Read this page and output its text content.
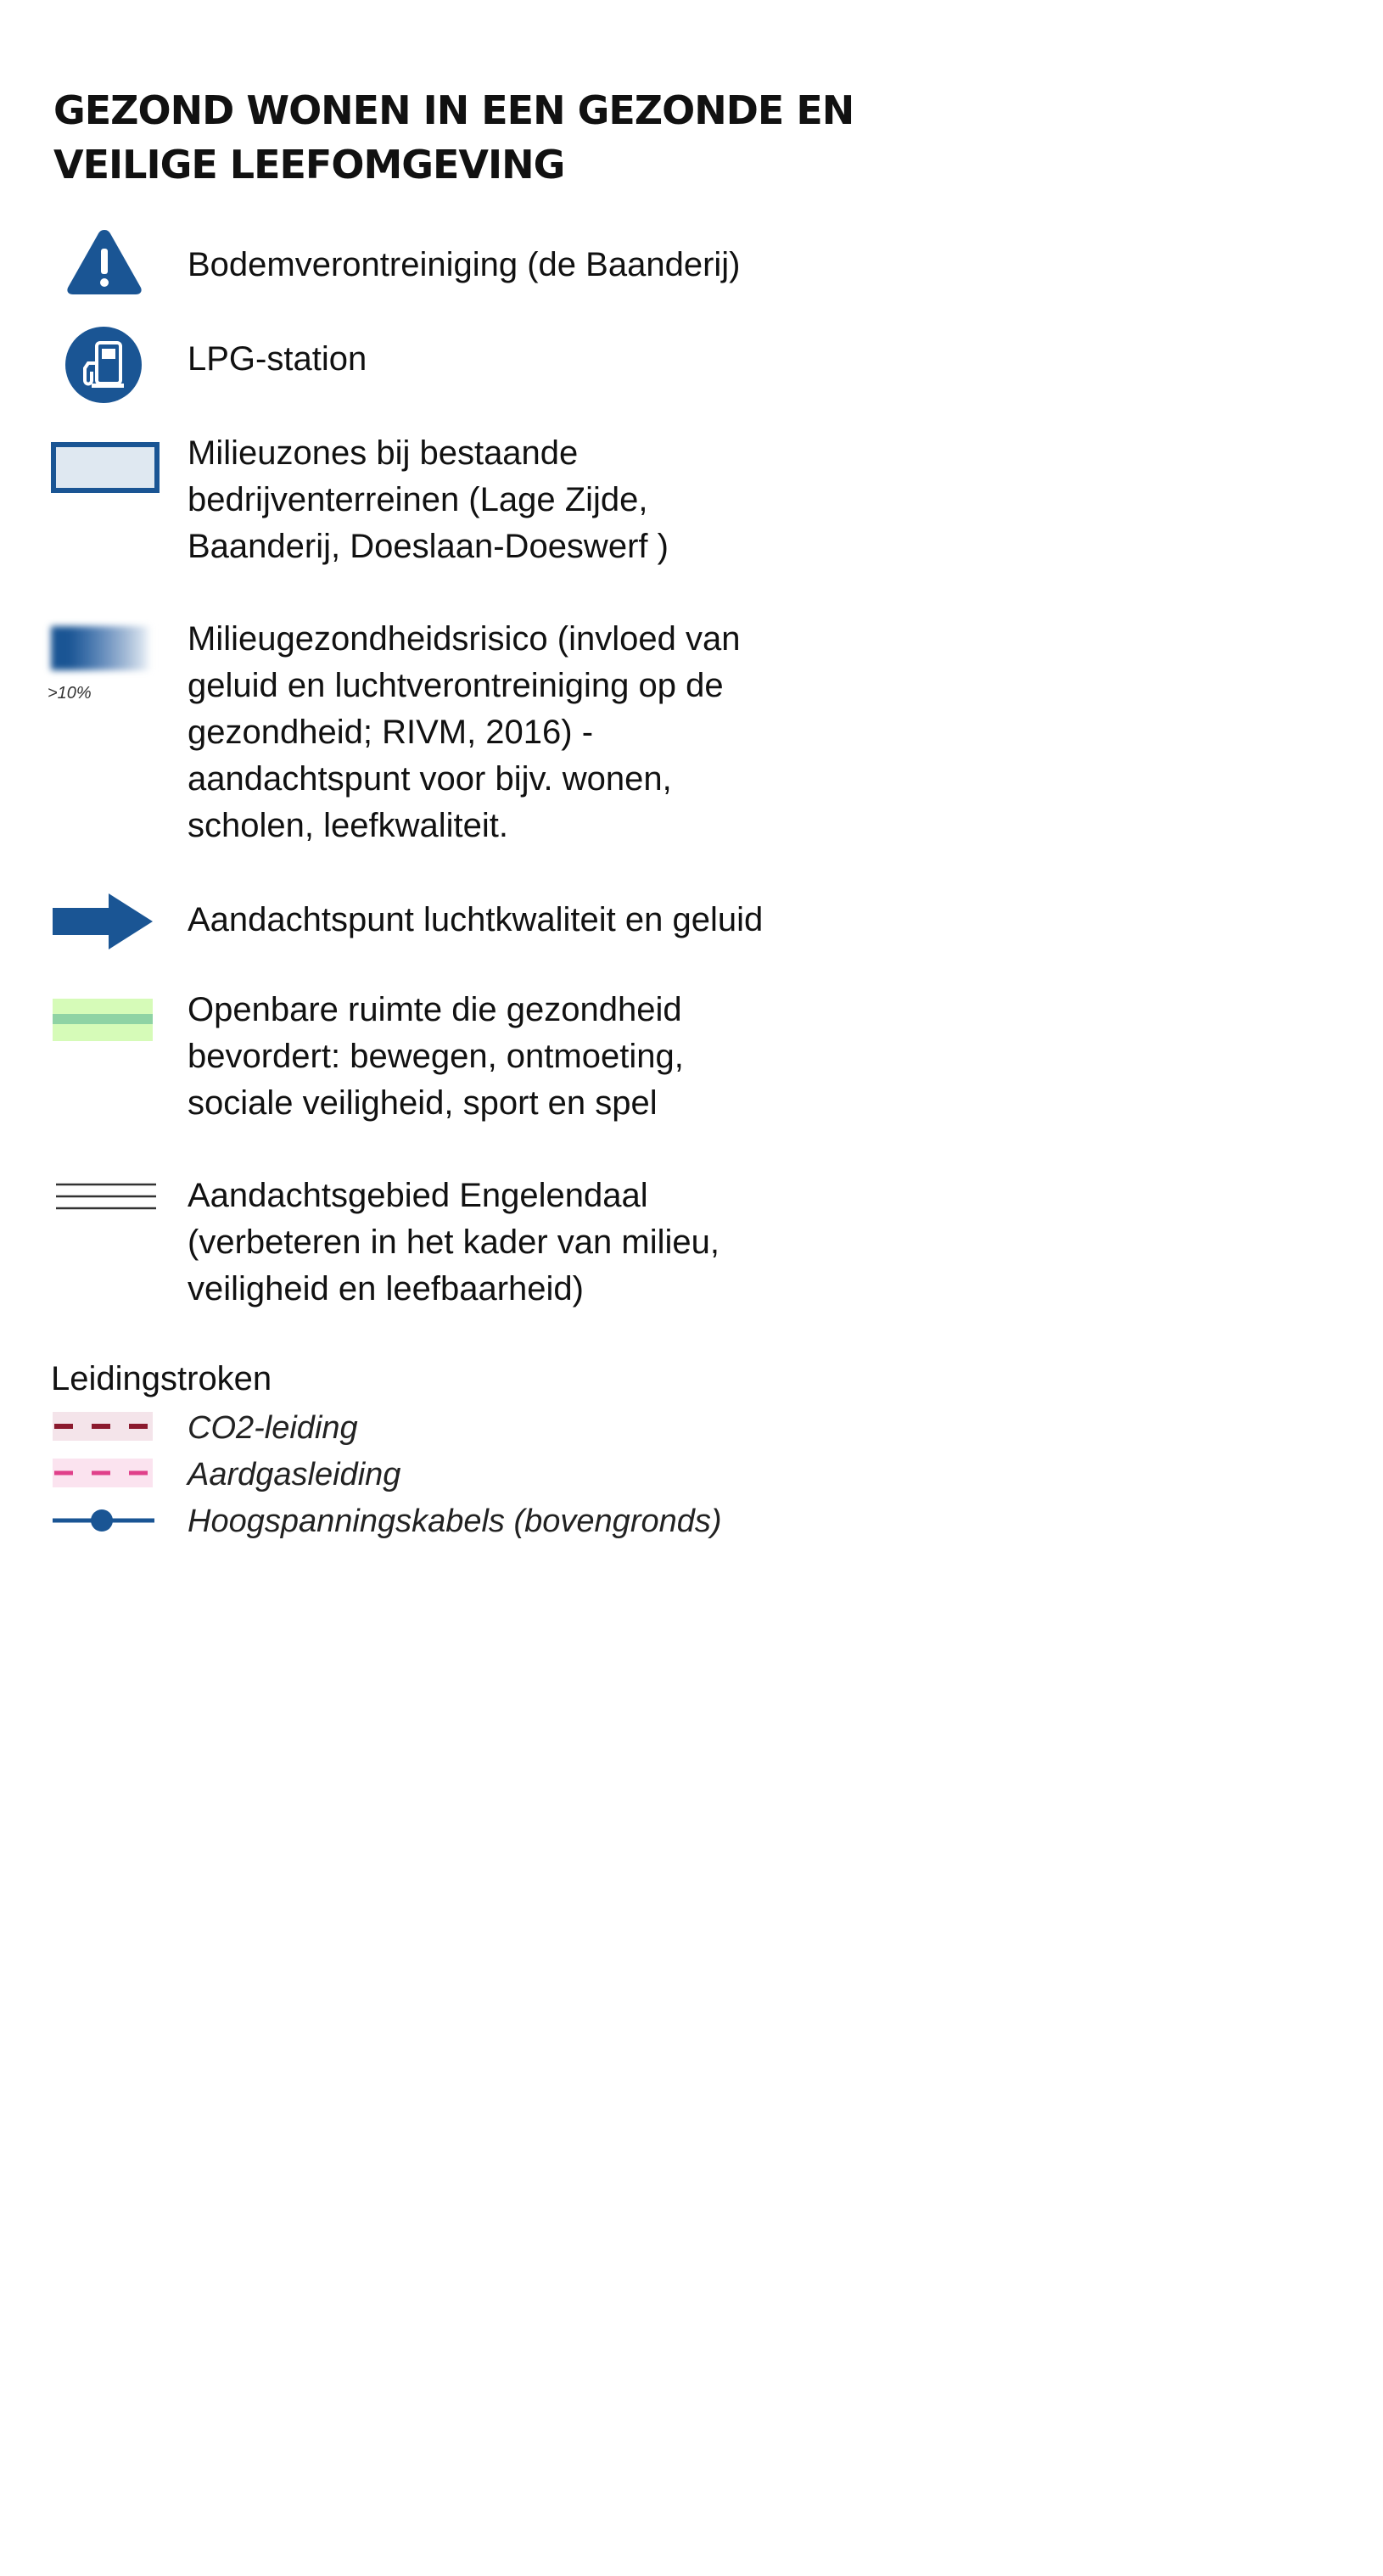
GEZOND WONEN IN EEN GEZONDE EN
VEILIGE LEEFOMGEVING
Bodemverontreiniging (de Baanderij)
LPG-station
Milieuzones bij bestaande
bedrijventerreinen (Lage Zijde,
Baanderij, Doeslaan-Doeswerf )
>10%
Milieugezondheidsrisico (invloed van
geluid en luchtverontreiniging op de
gezondheid; RIVM, 2016) -
aandachtspunt voor bijv. wonen,
scholen, leefkwaliteit.
Aandachtspunt luchtkwaliteit en geluid
Openbare ruimte die gezondheid
bevordert: bewegen, ontmoeting,
sociale veiligheid, sport en spel
Aandachtsgebied Engelendaal
(verbeteren in het kader van milieu,
veiligheid en leefbaarheid)
Leidingstroken
CO2-leiding
Aardgasleiding
Hoogspanningskabels (bovengronds)
